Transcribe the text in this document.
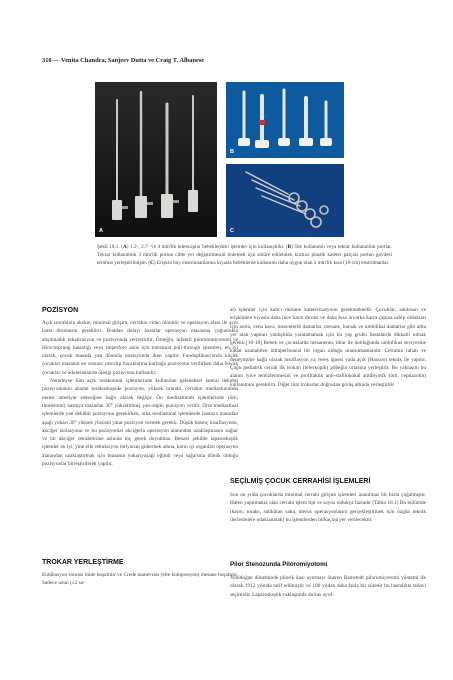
310 — Venita Chandra, Sanjeev Dutta ve Craig T. Albanese
A
B
C
Şekil 18.1. (A) 1.2-, 2.7- ve 4 mm'lik teleskoplar bebeklerdeki işlemler için kullanışlıdır. (B) Tek kullanımlı veya tekrar kullanımlık portlar. Tekrar kullanımlık 3 mm'lik portun ciltte yer değiştirmesini önlemek için sütüre edilebilen kırmızı plastik kateter parçası portun gövdesi etrafına yerleştirilmiştir. (C) Erişkin boy enstrümanlarına kıyasla bebeklerde kullanımı daha uygun olan 3 mm'lik kısa (18-cm) enstrümanlar.
POZİSYON

Açık cerrahinin aksine, minimal girişim, cerrahın video monitör ve operasyon alanı ile aynı hatta durmasını gerektirir. Bundan dolayı hastalar operasyon masasına çoğunlukla alışılmadık lokalizasyon ve pozisyonda yerleştirilir. Örneğin, infantil pilorotomiyotomi ve Hirschsprung hastalığı veya imperfore anüs için intestinal pull-through işlemleri, en iyi olarak, çocuk masada yan dönmüş pozisyonda iken yapılır. Fundoplikasyonda küçük çocuklar masanın en sonuna yatırılıp bacaklarına kurbağa pozisyonu verilirken daha büyük çocuklar ve adolesanlarda öjengi pozisyonu kullanılır.

Neredeyse tüm açık torakotomi işlemlerinde kullanılan geleneksel lateral dekubit pozisyonunun aksine torakoskopide pozisyon, yüksek oranda, cerrahın mediastinumda neresi ameliyat edeceğine bağlı olarak değişir. Ön mediastinum işlemlerinde (örn, timektomi) hastaya masadan 30° yükseltilmiş yarı-süpin pozisyon verilir. Orta mediastinal işlemlerde yan dekübit pozisyonu gerekirken, arka mediastinal işlemlerde hastaya masadan aşağı yukarı 30° yüksek yüzüstü yatar pozisyon vermek gerekir. Düşük basınç insuflasyonu, akciğer izolasyonu ve bu pozisyonlar akciğerin operasyon alanından uzaklaşmasını sağlar ve bir akciğer retraktörüne aslında hiç gerek duyulmaz. Benzer şekilde laparoskopik işlemler en iyi, yine elle retraksiyon ihtiyacını gidermek adına, karın içi organları operasyon alanından uzaklaştırmak için masanın yukarıyaşağı eğimli veya sağa/sola dönük olduğu pozisyonlar birleştirilerek yapılır.

TROKAR YERLEŞTİRME

Entübasyon sonrası mide boşaltılır ve Crede manevrası (elle kompresyon) mesane boşaltılır. Sadece uzun (≥2 sa-

at) işlemler için kalıcı mesane kateterizasyonu gerekmektedir. Çocuklar, adolesan ve erişkinlere kıyasla daha ince karın duvarı ve daha kısa ön-arka karın çapına sahip oldukları için aorta, vena kava, mezenterik damarlar, mesane, barsak ve umbilikal damarlar gibi altta yer alan yapıları yanlışlıkla yaralamamak için bu yaş grubu hastalarda dikkatli olmak gerekir.[16-18] Bebek ve çocuklarda mesanenin, idrar ile dolduğunda umbilikus seviyesine kadar uzanabilen intraperitoneal bir organ olduğu unutulmamalıdır. Cerrahın rahatı ve deneyimine bağlı olarak insuflasyon ya vereş iğnesi yada açık (Hasson) teknik ile yapılır. Çoğu pediatrik cerrah ilk trokarı (teleskopik) göbeğin ortasına yerleştirir. Bu yaklaşım bu alanın iyice temizlenmesini ve profilaktik anti-stafilokokal antibiyotik (örn, cephazolin) kullanımını gerektirir. Diğer tüm trokarlar doğrudan görüş altında yerleştirilir.

SEÇİLMİŞ ÇOCUK CERRAHİSİ İŞLEMLERİ

Son on yılda çocuklarda minimal cerrahi girişim işlemleri inanılmaz bir hızla çoğalmıştır. Halen yapılmakta olan cerrahi işlem tipi ve sayısı oldukça fazladır (Tablo 18.1) Bu bölümde (karın, toraks, subkütan saha, üterus operasyonlarını gerçekleştirmek için özgün teknik ilerlemelere odaklanarak) bu işlemlerden birkaçına yer verilecektir.

Pilor Stenozunda Piloromiyotomi

Yenidoğan döneminde pilorik kası ayırmayı öneren Ramstedt piloromiyotomi yöntemi ilk olarak 1912 yılında tarif edilmiştir ve 100 yıldan daha fazla bir süredir bu hastalıkta tedavi seçimidir. Laparoskopik yaklaşımda da kas ayrıl-
